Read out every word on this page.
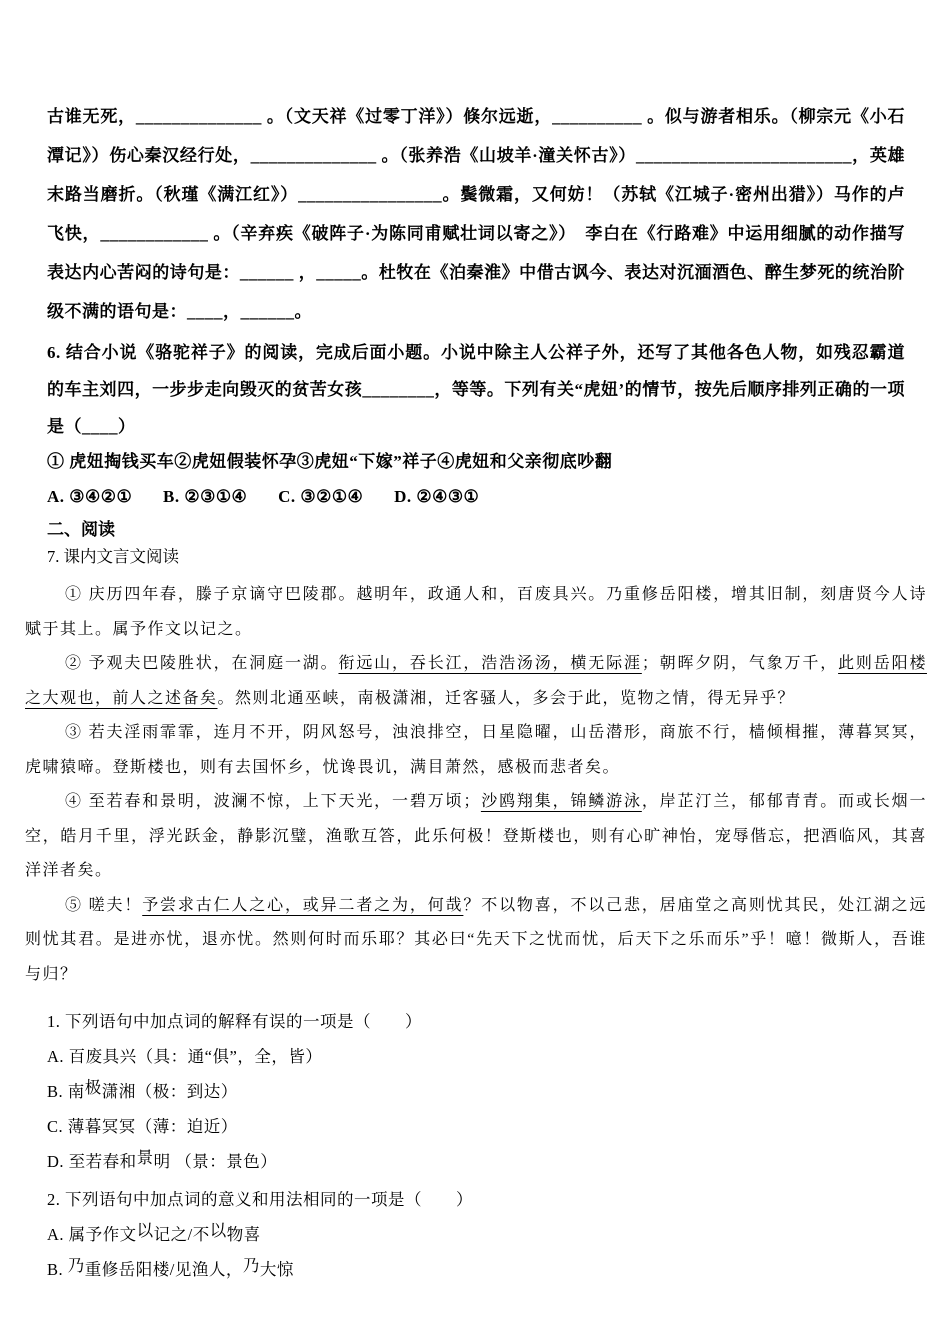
古谁无死，______________ 。（文天祥《过零丁洋》）倏尔远逝，__________ 。似与游者相乐。（柳宗元《小石潭记》）伤心秦汉经行处，______________ 。（张养浩《山坡羊·潼关怀古》）________________________，英雄末路当磨折。（秋瑾《满江红》）________________。鬓微霜，又何妨！（苏轼《江城子·密州出猎》）马作的卢飞快，____________ 。（辛弃疾《破阵子·为陈同甫赋壮词以寄之》）　李白在《行路难》中运用细腻的动作描写表达内心苦闷的诗句是：______ ，_____。杜牧在《泊秦淮》中借古讽今、表达对沉湎酒色、醉生梦死的统治阶级不满的语句是：____，______。

6. 结合小说《骆驼祥子》的阅读，完成后面小题。小说中除主人公祥子外，还写了其他各色人物，如残忍霸道的车主刘四，一步步走向毁灭的贫苦女孩________，等等。下列有关“虎妞’的情节，按先后顺序排列正确的一项是（____）

① 虎妞掏钱买车②虎妞假装怀孕③虎妞“下嫁”祥子④虎妞和父亲彻底吵翻

A. ③④②① B. ②③①④ C. ③②①④ D. ②④③①

二、阅读

7. 课内文言文阅读

① 庆历四年春，滕子京谪守巴陵郡。越明年，政通人和，百废具兴。乃重修岳阳楼，增其旧制，刻唐贤今人诗赋于其上。属予作文以记之。

② 予观夫巴陵胜状，在洞庭一湖。衔远山，吞长江，浩浩汤汤，横无际涯；朝晖夕阴，气象万千，此则岳阳楼之大观也，前人之述备矣。然则北通巫峡，南极潇湘，迁客骚人，多会于此，览物之情，得无异乎？

③ 若夫淫雨霏霏，连月不开，阴风怒号，浊浪排空，日星隐曜，山岳潜形，商旅不行，樯倾楫摧，薄暮冥冥，虎啸猿啼。登斯楼也，则有去国怀乡，忧谗畏讥，满目萧然，感极而悲者矣。

④ 至若春和景明，波澜不惊，上下天光，一碧万顷；沙鸥翔集，锦鳞游泳，岸芷汀兰，郁郁青青。而或长烟一空，皓月千里，浮光跃金，静影沉璧，渔歌互答，此乐何极！登斯楼也，则有心旷神怡，宠辱偕忘，把酒临风，其喜洋洋者矣。

⑤ 嗟夫！予尝求古仁人之心，或异二者之为，何哉？不以物喜，不以己悲，居庙堂之高则忧其民，处江湖之远则忧其君。是进亦忧，退亦忧。然则何时而乐耶？其必曰“先天下之忧而忧，后天下之乐而乐”乎！噫！微斯人，吾谁与归？

1. 下列语句中加点词的解释有误的一项是（　　）

A. 百废具兴（具：通“俱”，全，皆）

B. 南极潇湘（极：到达）

C. 薄暮冥冥（薄：迫近）

D. 至若春和景明 （景：景色）

2. 下列语句中加点词的意义和用法相同的一项是（　　）

A. 属予作文以记之/不以物喜

B. 乃重修岳阳楼/见渔人，乃大惊
